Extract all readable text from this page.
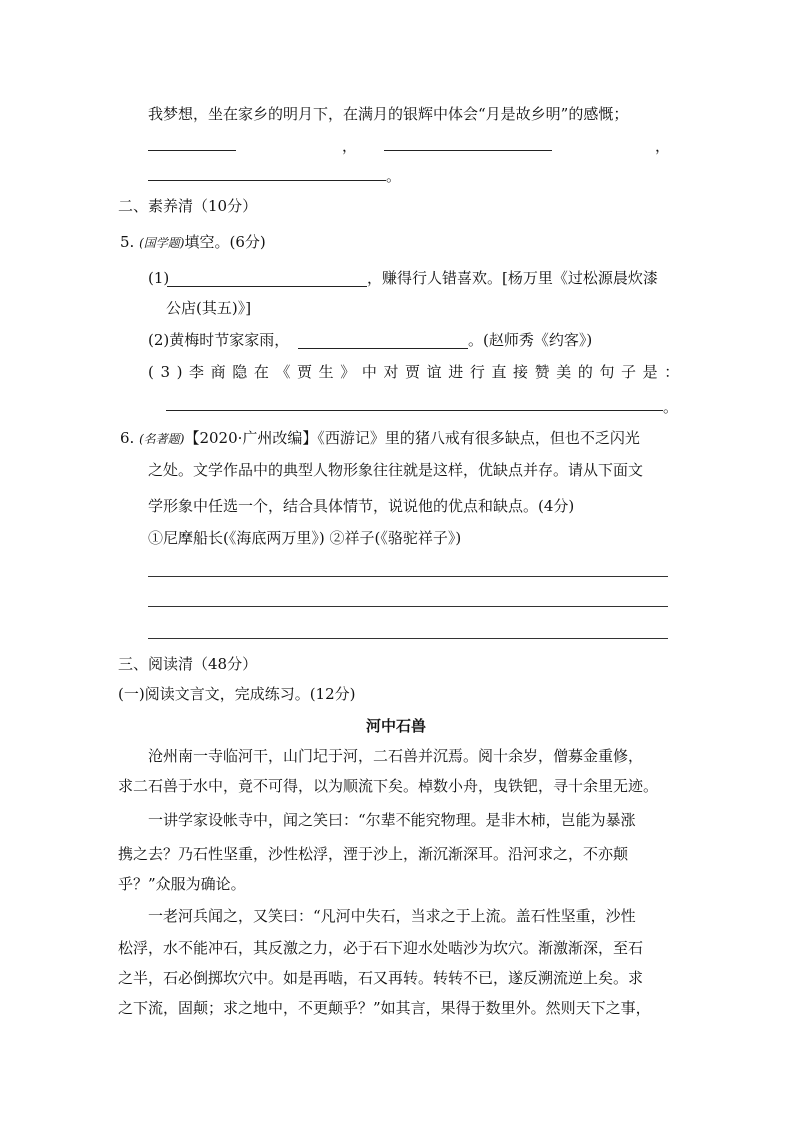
我梦想，坐在家乡的明月下，在满月的银辉中体会“月是故乡明”的感慨；
，	，
。
二、素养清（10分）
5. (国学题)填空。(6分)
(1)	，赚得行人错喜欢。[杨万里《过松源晨炊漆
公店(其五)》]
(2)黄梅时节家家雨，	。(赵师秀《约客》)
(3)李商隐在《贾生》中对贾谊进行直接赞美的句子是：
。
6. (名著题)【2020·广州改编】《西游记》里的猪八戒有很多缺点，但也不乏闪光
之处。文学作品中的典型人物形象往往就是这样，优缺点并存。请从下面文
学形象中任选一个，结合具体情节，说说他的优点和缺点。(4分)
①尼摩船长(《海底两万里》) ②祥子(《骆驼祥子》)
三、阅读清（48分）
(一)阅读文言文，完成练习。(12分)
河中石兽
沧州南一寺临河干，山门圮于河，二石兽并沉焉。阅十余岁，僧募金重修，
求二石兽于水中，竟不可得，以为顺流下矣。棹数小舟，曳铁钯，寻十余里无迹。
一讲学家设帐寺中，闻之笑曰：“尔辈不能究物理。是非木柿，岂能为暴涨
携之去？乃石性坚重，沙性松浮，湮于沙上，渐沉渐深耳。沿河求之，不亦颠
乎？”众服为确论。
一老河兵闻之，又笑曰：“凡河中失石，当求之于上流。盖石性坚重，沙性
松浮，水不能冲石，其反激之力，必于石下迎水处啮沙为坎穴。渐激渐深，至石
之半，石必倒掷坎穴中。如是再啮，石又再转。转转不已，遂反溯流逆上矣。求
之下流，固颠；求之地中，不更颠乎？”如其言，果得于数里外。然则天下之事，
